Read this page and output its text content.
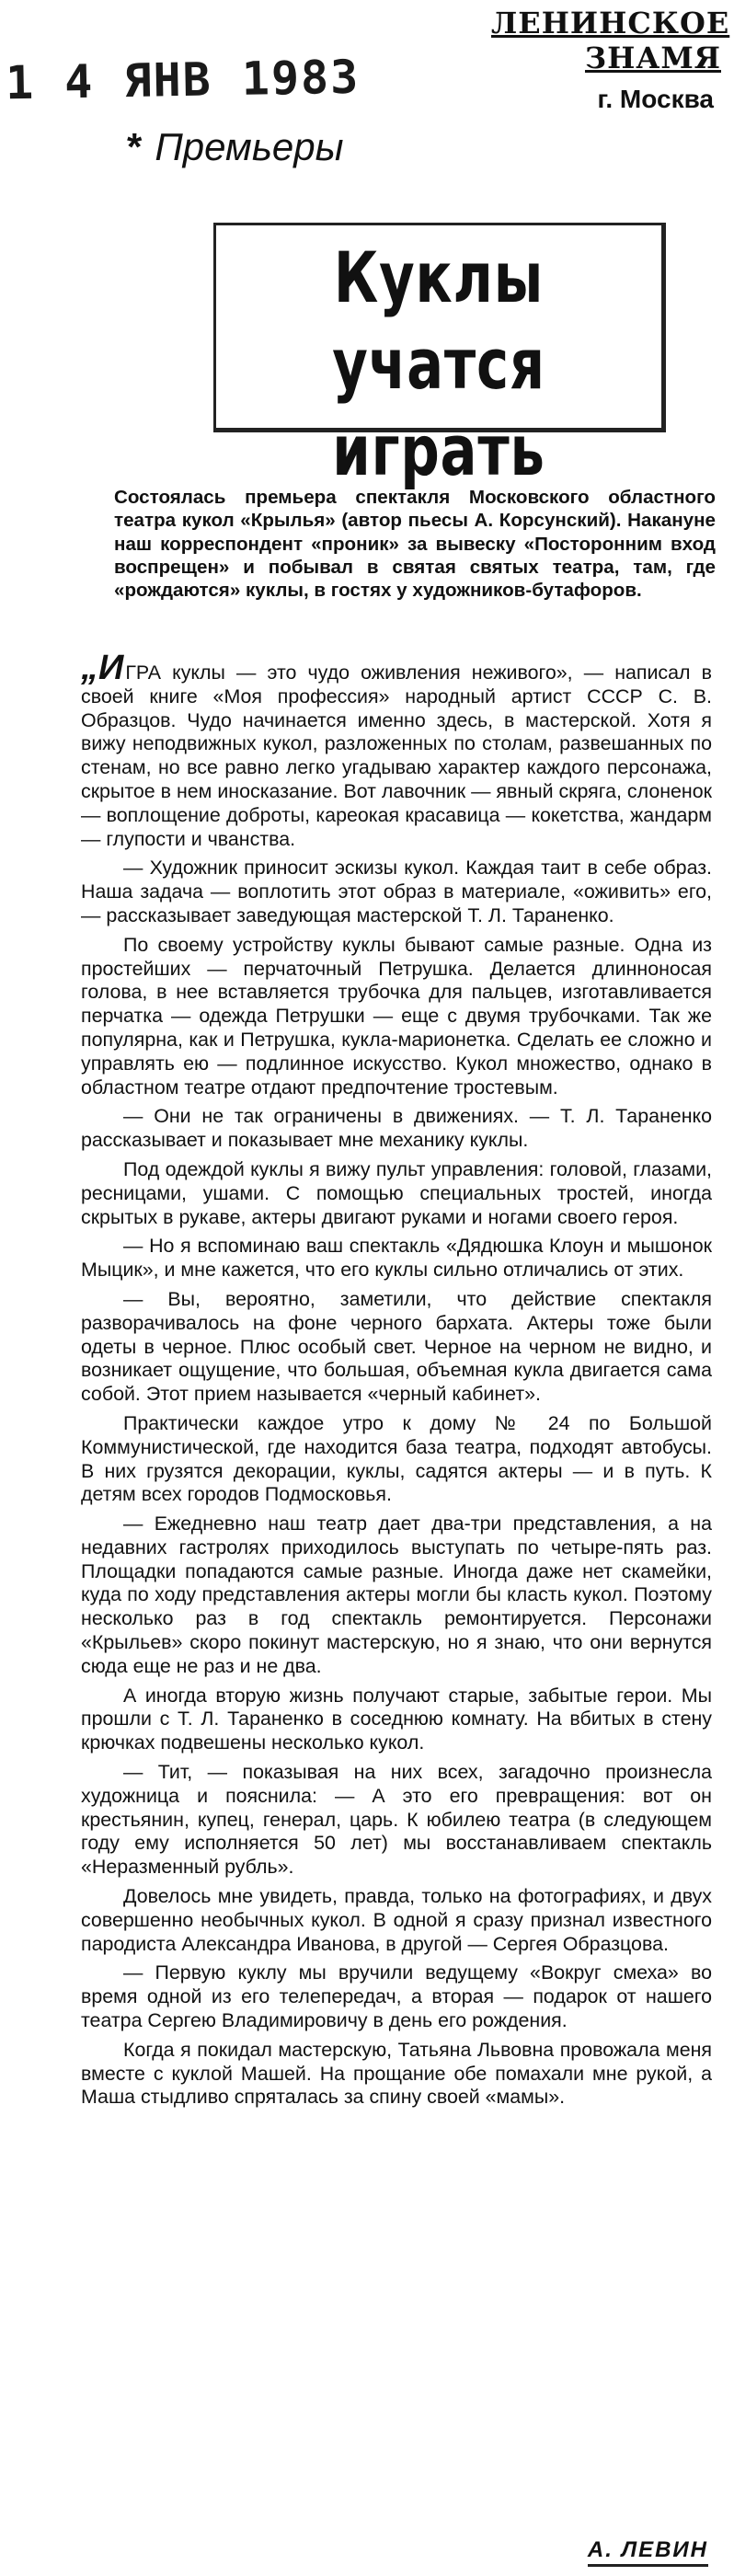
1 4 ЯНВ 1983
ЛЕНИНСКОЕ ЗНАМЯ
г. Москва
* Премьеры
Куклы учатся
играть
Состоялась премьера спектакля Московского областного театра кукол «Крылья» (автор пьесы А. Корсунский). Накануне наш корреспондент «проник» за вывеску «Посторонним вход воспрещен» и побывал в святая святых театра, там, где «рождаются» куклы, в гостях у художников-бутафоров.

„ИГРА куклы — это чудо оживления неживого», — написал в своей книге «Моя профессия» народный артист СССР С. В. Образцов. Чудо начинается именно здесь, в мастерской. Хотя я вижу неподвижных кукол, разложенных по столам, развешанных по стенам, но все равно легко угадываю характер каждого персонажа, скрытое в нем иносказание. Вот лавочник — явный скряга, слоненок — воплощение доброты, кареокая красавица — кокетства, жандарм — глупости и чванства.

— Художник приносит эскизы кукол. Каждая таит в себе образ. Наша задача — воплотить этот образ в материале, «оживить» его, — рассказывает заведующая мастерской Т. Л. Тараненко.

По своему устройству куклы бывают самые разные. Одна из простейших — перчаточный Петрушка. Делается длинноносая голова, в нее вставляется трубочка для пальцев, изготавливается перчатка — одежда Петрушки — еще с двумя трубочками. Так же популярна, как и Петрушка, кукла-марионетка. Сделать ее сложно и управлять ею — подлинное искусство. Кукол множество, однако в областном театре отдают предпочтение тростевым.

— Они не так ограничены в движениях. — Т. Л. Тараненко рассказывает и показывает мне механику куклы.

Под одеждой куклы я вижу пульт управления: головой, глазами, ресницами, ушами. С помощью специальных тростей, иногда скрытых в рукаве, актеры двигают руками и ногами своего героя.

— Но я вспоминаю ваш спектакль «Дядюшка Клоун и мышонок Мыцик», и мне кажется, что его куклы сильно отличались от этих.

— Вы, вероятно, заметили, что действие спектакля разворачивалось на фоне черного бархата. Актеры тоже были одеты в черное. Плюс особый свет. Черное на черном не видно, и возникает ощущение, что большая, объемная кукла двигается сама собой. Этот прием называется «черный кабинет».

Практически каждое утро к дому № 24 по Большой Коммунистической, где находится база театра, подходят автобусы. В них грузятся декорации, куклы, садятся актеры — и в путь. К детям всех городов Подмосковья.

— Ежедневно наш театр дает два-три представления, а на недавних гастролях приходилось выступать по четыре-пять раз. Площадки попадаются самые разные. Иногда даже нет скамейки, куда по ходу представления актеры могли бы класть кукол. Поэтому несколько раз в год спектакль ремонтируется. Персонажи «Крыльев» скоро покинут мастерскую, но я знаю, что они вернутся сюда еще не раз и не два.

А иногда вторую жизнь получают старые, забытые герои. Мы прошли с Т. Л. Тараненко в соседнюю комнату. На вбитых в стену крючках подвешены несколько кукол.

— Тит, — показывая на них всех, загадочно произнесла художница и пояснила: — А это его превращения: вот он крестьянин, купец, генерал, царь. К юбилею театра (в следующем году ему исполняется 50 лет) мы восстанавливаем спектакль «Неразменный рубль».

Довелось мне увидеть, правда, только на фотографиях, и двух совершенно необычных кукол. В одной я сразу признал известного пародиста Александра Иванова, в другой — Сергея Образцова.

— Первую куклу мы вручили ведущему «Вокруг смеха» во время одной из его телепередач, а вторая — подарок от нашего театра Сергею Владимировичу в день его рождения.

Когда я покидал мастерскую, Татьяна Львовна провожала меня вместе с куклой Машей. На прощание обе помахали мне рукой, а Маша стыдливо спряталась за спину своей «мамы».

А. ЛЕВИН
